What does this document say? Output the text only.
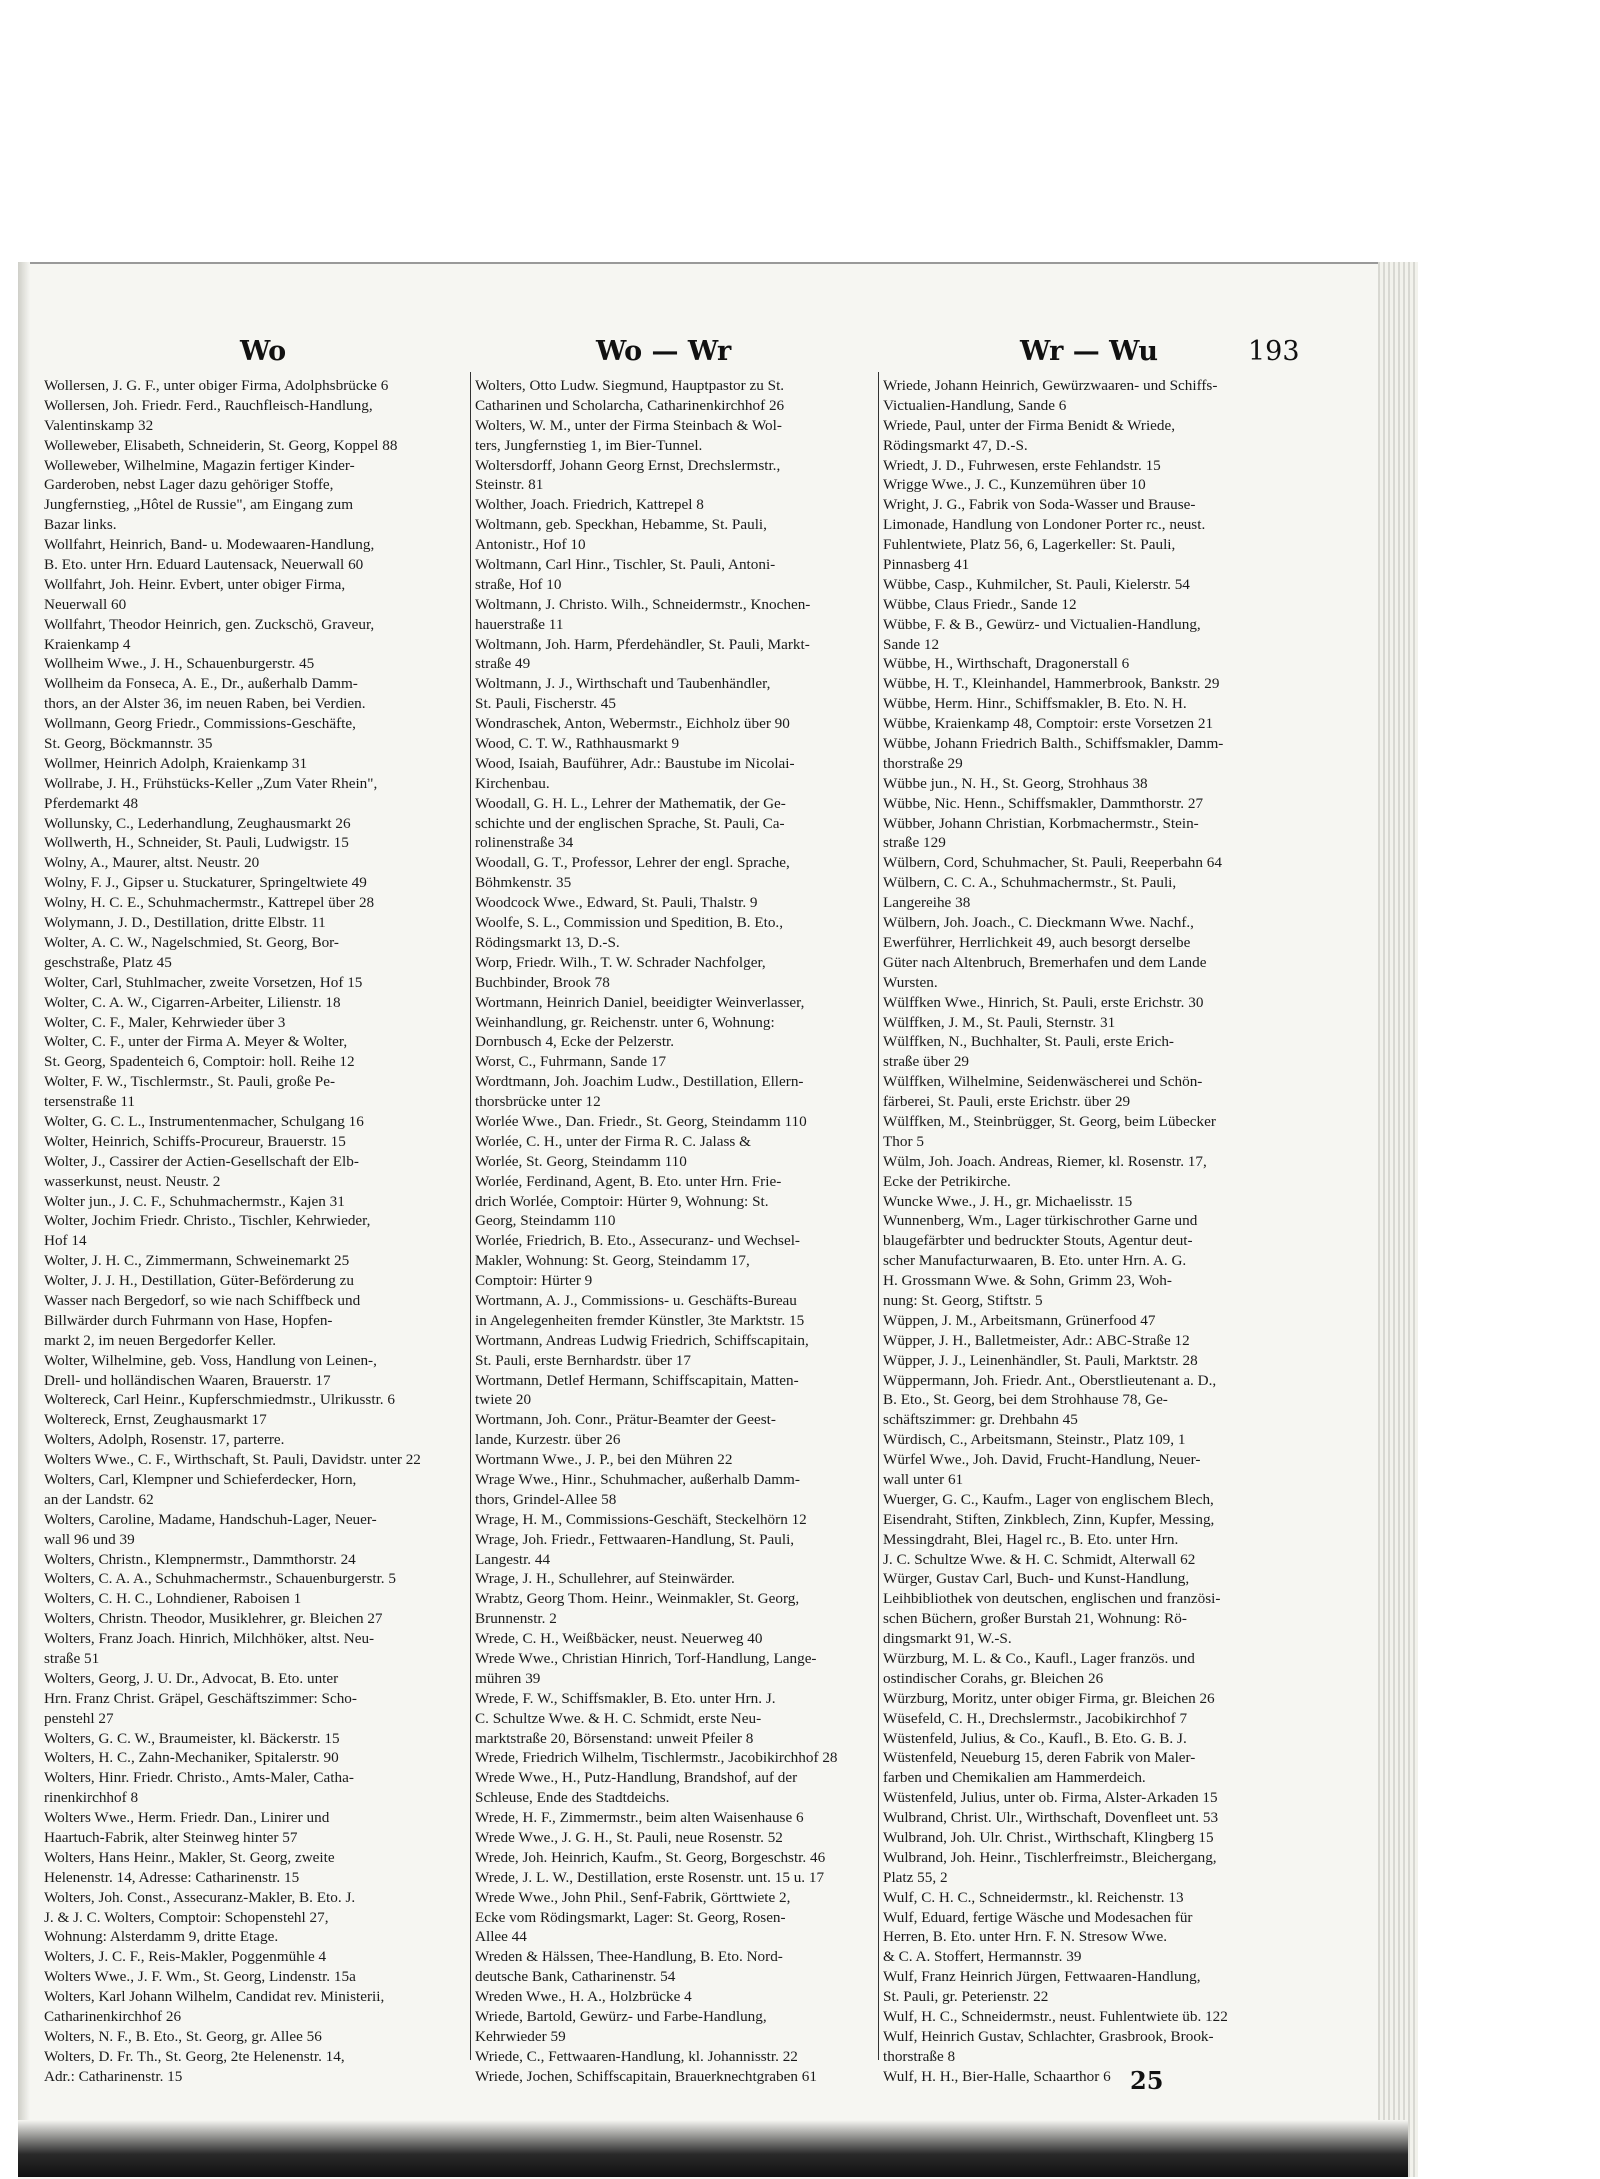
Wo	Wo — Wr	Wr — Wu	193
Wollersen, J. G. F., unter obiger Firma, Adolphsbrücke 6
Wollersen, Joh. Friedr. Ferd., Rauchfleisch-Handlung,
Valentinskamp 32
Wolleweber, Elisabeth, Schneiderin, St. Georg, Koppel 88
Wolleweber, Wilhelmine, Magazin fertiger Kinder-
Garderoben, nebst Lager dazu gehöriger Stoffe,
Jungfernstieg, „Hôtel de Russie", am Eingang zum
Bazar links.
Wollfahrt, Heinrich, Band- u. Modewaaren-Handlung,
B. Eto. unter Hrn. Eduard Lautensack, Neuerwall 60
Wollfahrt, Joh. Heinr. Evbert, unter obiger Firma,
Neuerwall 60
Wollfahrt, Theodor Heinrich, gen. Zuckschö, Graveur,
Kraienkamp 4
Wollheim Wwe., J. H., Schauenburgerstr. 45
Wollheim da Fonseca, A. E., Dr., außerhalb Damm-
thors, an der Alster 36, im neuen Raben, bei Verdien.
Wollmann, Georg Friedr., Commissions-Geschäfte,
St. Georg, Böckmannstr. 35
Wollmer, Heinrich Adolph, Kraienkamp 31
Wollrabe, J. H., Frühstücks-Keller „Zum Vater Rhein",
Pferdemarkt 48
Wollunsky, C., Lederhandlung, Zeughausmarkt 26
Wollwerth, H., Schneider, St. Pauli, Ludwigstr. 15
Wolny, A., Maurer, altst. Neustr. 20
Wolny, F. J., Gipser u. Stuckaturer, Springeltwiete 49
Wolny, H. C. E., Schuhmachermstr., Kattrepel über 28
Wolymann, J. D., Destillation, dritte Elbstr. 11
Wolter, A. C. W., Nagelschmied, St. Georg, Bor-
geschstraße, Platz 45
Wolter, Carl, Stuhlmacher, zweite Vorsetzen, Hof 15
Wolter, C. A. W., Cigarren-Arbeiter, Lilienstr. 18
Wolter, C. F., Maler, Kehrwieder über 3
Wolter, C. F., unter der Firma A. Meyer & Wolter,
St. Georg, Spadenteich 6, Comptoir: holl. Reihe 12
Wolter, F. W., Tischlermstr., St. Pauli, große Pe-
tersenstraße 11
Wolter, G. C. L., Instrumentenmacher, Schulgang 16
Wolter, Heinrich, Schiffs-Procureur, Brauerstr. 15
Wolter, J., Cassirer der Actien-Gesellschaft der Elb-
wasserkunst, neust. Neustr. 2
Wolter jun., J. C. F., Schuhmachermstr., Kajen 31
Wolter, Jochim Friedr. Christo., Tischler, Kehrwieder,
Hof 14
Wolter, J. H. C., Zimmermann, Schweinemarkt 25
Wolter, J. J. H., Destillation, Güter-Beförderung zu
Wasser nach Bergedorf, so wie nach Schiffbeck und
Billwärder durch Fuhrmann von Hase, Hopfen-
markt 2, im neuen Bergedorfer Keller.
Wolter, Wilhelmine, geb. Voss, Handlung von Leinen-,
Drell- und holländischen Waaren, Brauerstr. 17
Woltereck, Carl Heinr., Kupferschmiedmstr., Ulrikusstr. 6
Woltereck, Ernst, Zeughausmarkt 17
Wolters, Adolph, Rosenstr. 17, parterre.
Wolters Wwe., C. F., Wirthschaft, St. Pauli, Davidstr. unter 22
Wolters, Carl, Klempner und Schieferdecker, Horn,
an der Landstr. 62
Wolters, Caroline, Madame, Handschuh-Lager, Neuer-
wall 96 und 39
Wolters, Christn., Klempnermstr., Dammthorstr. 24
Wolters, C. A. A., Schuhmachermstr., Schauenburgerstr. 5
Wolters, C. H. C., Lohndiener, Raboisen 1
Wolters, Christn. Theodor, Musiklehrer, gr. Bleichen 27
Wolters, Franz Joach. Hinrich, Milchhöker, altst. Neu-
straße 51
Wolters, Georg, J. U. Dr., Advocat, B. Eto. unter
Hrn. Franz Christ. Gräpel, Geschäftszimmer: Scho-
penstehl 27
Wolters, G. C. W., Braumeister, kl. Bäckerstr. 15
Wolters, H. C., Zahn-Mechaniker, Spitalerstr. 90
Wolters, Hinr. Friedr. Christo., Amts-Maler, Catha-
rinenkirchhof 8
Wolters Wwe., Herm. Friedr. Dan., Linirer und
Haartuch-Fabrik, alter Steinweg hinter 57
Wolters, Hans Heinr., Makler, St. Georg, zweite
Helenenstr. 14, Adresse: Catharinenstr. 15
Wolters, Joh. Const., Assecuranz-Makler, B. Eto. J.
J. & J. C. Wolters, Comptoir: Schopenstehl 27,
Wohnung: Alsterdamm 9, dritte Etage.
Wolters, J. C. F., Reis-Makler, Poggenmühle 4
Wolters Wwe., J. F. Wm., St. Georg, Lindenstr. 15a
Wolters, Karl Johann Wilhelm, Candidat rev. Ministerii,
Catharinenkirchhof 26
Wolters, N. F., B. Eto., St. Georg, gr. Allee 56
Wolters, D. Fr. Th., St. Georg, 2te Helenenstr. 14,
Adr.: Catharinenstr. 15
Wolters, Otto Ludw. Siegmund, Hauptpastor zu St.
Catharinen und Scholarcha, Catharinenkirchhof 26
Wolters, W. M., unter der Firma Steinbach & Wol-
ters, Jungfernstieg 1, im Bier-Tunnel.
Woltersdorff, Johann Georg Ernst, Drechslermstr.,
Steinstr. 81
Wolther, Joach. Friedrich, Kattrepel 8
Woltmann, geb. Speckhan, Hebamme, St. Pauli,
Antonistr., Hof 10
Woltmann, Carl Hinr., Tischler, St. Pauli, Antoni-
straße, Hof 10
Woltmann, J. Christo. Wilh., Schneidermstr., Knochen-
hauerstraße 11
Woltmann, Joh. Harm, Pferdehändler, St. Pauli, Markt-
straße 49
Woltmann, J. J., Wirthschaft und Taubenhändler,
St. Pauli, Fischerstr. 45
Wondraschek, Anton, Webermstr., Eichholz über 90
Wood, C. T. W., Rathhausmarkt 9
Wood, Isaiah, Bauführer, Adr.: Baustube im Nicolai-
Kirchenbau.
Woodall, G. H. L., Lehrer der Mathematik, der Ge-
schichte und der englischen Sprache, St. Pauli, Ca-
rolinenstraße 34
Woodall, G. T., Professor, Lehrer der engl. Sprache,
Böhmkenstr. 35
Woodcock Wwe., Edward, St. Pauli, Thalstr. 9
Woolfe, S. L., Commission und Spedition, B. Eto.,
Rödingsmarkt 13, D.-S.
Worp, Friedr. Wilh., T. W. Schrader Nachfolger,
Buchbinder, Brook 78
Wortmann, Heinrich Daniel, beeidigter Weinverlasser,
Weinhandlung, gr. Reichenstr. unter 6, Wohnung:
Dornbusch 4, Ecke der Pelzerstr.
Worst, C., Fuhrmann, Sande 17
Wordtmann, Joh. Joachim Ludw., Destillation, Ellern-
thorsbrücke unter 12
Worlée Wwe., Dan. Friedr., St. Georg, Steindamm 110
Worlée, C. H., unter der Firma R. C. Jalass &
Worlée, St. Georg, Steindamm 110
Worlée, Ferdinand, Agent, B. Eto. unter Hrn. Frie-
drich Worlée, Comptoir: Hürter 9, Wohnung: St.
Georg, Steindamm 110
Worlée, Friedrich, B. Eto., Assecuranz- und Wechsel-
Makler, Wohnung: St. Georg, Steindamm 17,
Comptoir: Hürter 9
Wortmann, A. J., Commissions- u. Geschäfts-Bureau
in Angelegenheiten fremder Künstler, 3te Marktstr. 15
Wortmann, Andreas Ludwig Friedrich, Schiffscapitain,
St. Pauli, erste Bernhardstr. über 17
Wortmann, Detlef Hermann, Schiffscapitain, Matten-
twiete 20
Wortmann, Joh. Conr., Prätur-Beamter der Geest-
lande, Kurzestr. über 26
Wortmann Wwe., J. P., bei den Mühren 22
Wrage Wwe., Hinr., Schuhmacher, außerhalb Damm-
thors, Grindel-Allee 58
Wrage, H. M., Commissions-Geschäft, Steckelhörn 12
Wrage, Joh. Friedr., Fettwaaren-Handlung, St. Pauli,
Langestr. 44
Wrage, J. H., Schullehrer, auf Steinwärder.
Wrabtz, Georg Thom. Heinr., Weinmakler, St. Georg,
Brunnenstr. 2
Wrede, C. H., Weißbäcker, neust. Neuerweg 40
Wrede Wwe., Christian Hinrich, Torf-Handlung, Lange-
mühren 39
Wrede, F. W., Schiffsmakler, B. Eto. unter Hrn. J.
C. Schultze Wwe. & H. C. Schmidt, erste Neu-
marktstraße 20, Börsenstand: unweit Pfeiler 8
Wrede, Friedrich Wilhelm, Tischlermstr., Jacobikirchhof 28
Wrede Wwe., H., Putz-Handlung, Brandshof, auf der
Schleuse, Ende des Stadtdeichs.
Wrede, H. F., Zimmermstr., beim alten Waisenhause 6
Wrede Wwe., J. G. H., St. Pauli, neue Rosenstr. 52
Wrede, Joh. Heinrich, Kaufm., St. Georg, Borgeschstr. 46
Wrede, J. L. W., Destillation, erste Rosenstr. unt. 15 u. 17
Wrede Wwe., John Phil., Senf-Fabrik, Görttwiete 2,
Ecke vom Rödingsmarkt, Lager: St. Georg, Rosen-
Allee 44
Wreden & Hälssen, Thee-Handlung, B. Eto. Nord-
deutsche Bank, Catharinenstr. 54
Wreden Wwe., H. A., Holzbrücke 4
Wriede, Bartold, Gewürz- und Farbe-Handlung,
Kehrwieder 59
Wriede, C., Fettwaaren-Handlung, kl. Johannisstr. 22
Wriede, Jochen, Schiffscapitain, Brauerknechtgraben 61
Wriede, Johann Heinrich, Gewürzwaaren- und Schiffs-
Victualien-Handlung, Sande 6
Wriede, Paul, unter der Firma Benidt & Wriede,
Rödingsmarkt 47, D.-S.
Wriedt, J. D., Fuhrwesen, erste Fehlandstr. 15
Wrigge Wwe., J. C., Kunzemühren über 10
Wright, J. G., Fabrik von Soda-Wasser und Brause-
Limonade, Handlung von Londoner Porter rc., neust.
Fuhlentwiete, Platz 56, 6, Lagerkeller: St. Pauli,
Pinnasberg 41
Wübbe, Casp., Kuhmilcher, St. Pauli, Kielerstr. 54
Wübbe, Claus Friedr., Sande 12
Wübbe, F. & B., Gewürz- und Victualien-Handlung,
Sande 12
Wübbe, H., Wirthschaft, Dragonerstall 6
Wübbe, H. T., Kleinhandel, Hammerbrook, Bankstr. 29
Wübbe, Herm. Hinr., Schiffsmakler, B. Eto. N. H.
Wübbe, Kraienkamp 48, Comptoir: erste Vorsetzen 21
Wübbe, Johann Friedrich Balth., Schiffsmakler, Damm-
thorstraße 29
Wübbe jun., N. H., St. Georg, Strohhaus 38
Wübbe, Nic. Henn., Schiffsmakler, Dammthorstr. 27
Wübber, Johann Christian, Korbmachermstr., Stein-
straße 129
Wülbern, Cord, Schuhmacher, St. Pauli, Reeperbahn 64
Wülbern, C. C. A., Schuhmachermstr., St. Pauli,
Langereihe 38
Wülbern, Joh. Joach., C. Dieckmann Wwe. Nachf.,
Ewerführer, Herrlichkeit 49, auch besorgt derselbe
Güter nach Altenbruch, Bremerhafen und dem Lande
Wursten.
Wülffken Wwe., Hinrich, St. Pauli, erste Erichstr. 30
Wülffken, J. M., St. Pauli, Sternstr. 31
Wülffken, N., Buchhalter, St. Pauli, erste Erich-
straße über 29
Wülffken, Wilhelmine, Seidenwäscherei und Schön-
färberei, St. Pauli, erste Erichstr. über 29
Wülffken, M., Steinbrügger, St. Georg, beim Lübecker
Thor 5
Wülm, Joh. Joach. Andreas, Riemer, kl. Rosenstr. 17,
Ecke der Petrikirche.
Wuncke Wwe., J. H., gr. Michaelisstr. 15
Wunnenberg, Wm., Lager türkischrother Garne und
blaugefärbter und bedruckter Stouts, Agentur deut-
scher Manufacturwaaren, B. Eto. unter Hrn. A. G.
H. Grossmann Wwe. & Sohn, Grimm 23, Woh-
nung: St. Georg, Stiftstr. 5
Wüppen, J. M., Arbeitsmann, Grünerfood 47
Wüpper, J. H., Balletmeister, Adr.: ABC-Straße 12
Wüpper, J. J., Leinenhändler, St. Pauli, Marktstr. 28
Wüppermann, Joh. Friedr. Ant., Oberstlieutenant a. D.,
B. Eto., St. Georg, bei dem Strohhause 78, Ge-
schäftszimmer: gr. Drehbahn 45
Würdisch, C., Arbeitsmann, Steinstr., Platz 109, 1
Würfel Wwe., Joh. David, Frucht-Handlung, Neuer-
wall unter 61
Wuerger, G. C., Kaufm., Lager von englischem Blech,
Eisendraht, Stiften, Zinkblech, Zinn, Kupfer, Messing,
Messingdraht, Blei, Hagel rc., B. Eto. unter Hrn.
J. C. Schultze Wwe. & H. C. Schmidt, Alterwall 62
Würger, Gustav Carl, Buch- und Kunst-Handlung,
Leihbibliothek von deutschen, englischen und französi-
schen Büchern, großer Burstah 21, Wohnung: Rö-
dingsmarkt 91, W.-S.
Würzburg, M. L. & Co., Kaufl., Lager französ. und
ostindischer Corahs, gr. Bleichen 26
Würzburg, Moritz, unter obiger Firma, gr. Bleichen 26
Wüsefeld, C. H., Drechslermstr., Jacobikirchhof 7
Wüstenfeld, Julius, & Co., Kaufl., B. Eto. G. B. J.
Wüstenfeld, Neueburg 15, deren Fabrik von Maler-
farben und Chemikalien am Hammerdeich.
Wüstenfeld, Julius, unter ob. Firma, Alster-Arkaden 15
Wulbrand, Christ. Ulr., Wirthschaft, Dovenfleet unt. 53
Wulbrand, Joh. Ulr. Christ., Wirthschaft, Klingberg 15
Wulbrand, Joh. Heinr., Tischlerfreimstr., Bleichergang,
Platz 55, 2
Wulf, C. H. C., Schneidermstr., kl. Reichenstr. 13
Wulf, Eduard, fertige Wäsche und Modesachen für
Herren, B. Eto. unter Hrn. F. N. Stresow Wwe.
& C. A. Stoffert, Hermannstr. 39
Wulf, Franz Heinrich Jürgen, Fettwaaren-Handlung,
St. Pauli, gr. Peterienstr. 22
Wulf, H. C., Schneidermstr., neust. Fuhlentwiete üb. 122
Wulf, Heinrich Gustav, Schlachter, Grasbrook, Brook-
thorstraße 8
Wulf, H. H., Bier-Halle, Schaarthor 6 25
